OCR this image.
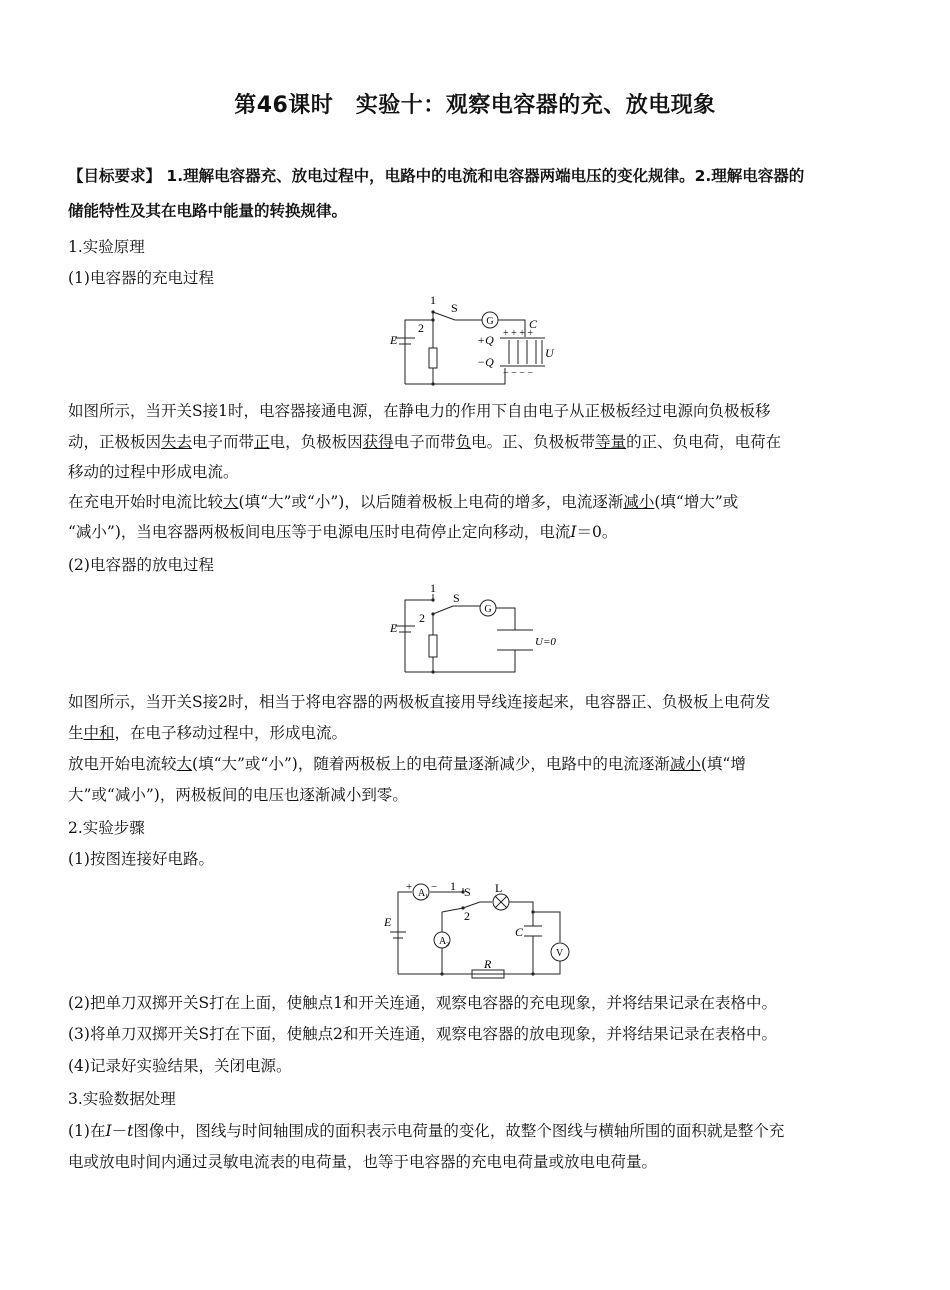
第46课时　实验十：观察电容器的充、放电现象
【目标要求】 1.理解电容器充、放电过程中，电路中的电流和电容器两端电压的变化规律。2.理解电容器的
储能特性及其在电路中能量的转换规律。
1.实验原理
(1)电容器的充电过程
1
2
S
G
E
C
+Q
−Q
U
+ + + +
− − − −
如图所示，当开关S接1时，电容器接通电源，在静电力的作用下自由电子从正极板经过电源向负极板移
动，正极板因失去电子而带正电，负极板因获得电子而带负电。正、负极板带等量的正、负电荷，电荷在
移动的过程中形成电流。
在充电开始时电流比较大(填“大”或“小”)，以后随着极板上电荷的增多，电流逐渐减小(填“增大”或
“减小”)，当电容器两极板间电压等于电源电压时电荷停止定向移动，电流I＝0。
(2)电容器的放电过程
1
2
S
G
E
U=0
如图所示，当开关S接2时，相当于将电容器的两极板直接用导线连接起来，电容器正、负极板上电荷发
生中和，在电子移动过程中，形成电流。
放电开始电流较大(填“大”或“小”)，随着两极板上的电荷量逐渐减少，电路中的电流逐渐减小(填“增
大”或“减小”)，两极板间的电压也逐渐减小到零。
2.实验步骤
(1)按图连接好电路。
+ −
A 1
1 S
2
L
A 2
E
C
V
R
(2)把单刀双掷开关S打在上面，使触点1和开关连通，观察电容器的充电现象，并将结果记录在表格中。
(3)将单刀双掷开关S打在下面，使触点2和开关连通，观察电容器的放电现象，并将结果记录在表格中。
(4)记录好实验结果，关闭电源。
3.实验数据处理
(1)在I－t图像中，图线与时间轴围成的面积表示电荷量的变化，故整个图线与横轴所围的面积就是整个充
电或放电时间内通过灵敏电流表的电荷量，也等于电容器的充电电荷量或放电电荷量。
